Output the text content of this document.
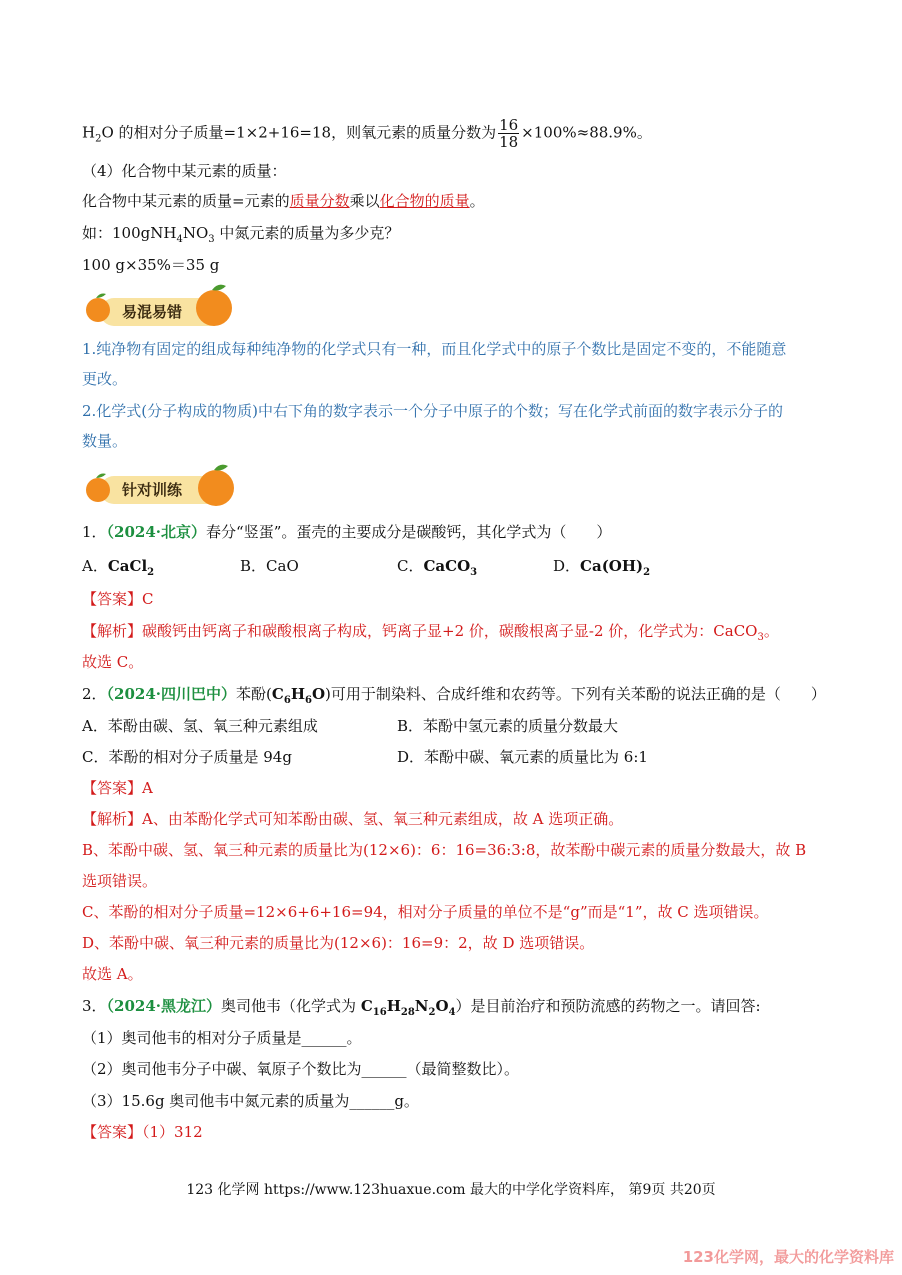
$H_2O$ 的相对分子质量=1×2+16=18，则氧元素的质量分数为 $\frac{16}{18} \times 100\%\approx 88.9\%$。
（4）化合物中某元素的质量：
化合物中某元素的质量=元素的质量分数乘以化合物的质量。
如：$100gNH_4NO_3$ 中氮元素的质量为多少克？
100 g×35%＝35 g
易混易错
1.纯净物有固定的组成每种纯净物的化学式只有一种，而且化学式中的原子个数比是固定不变的，不能随意
更改。
2.化学式(分子构成的物质)中右下角的数字表示一个分子中原子的个数；写在化学式前面的数字表示分子的
数量。
针对训练
1．（2024·北京）春分“竖蛋”。蛋壳的主要成分是碳酸钙，其化学式为（　　）
A．CaCl$_2$	B．CaO	C．CaCO$_3$	D．$Ca(OH)_2$
【答案】C
【解析】碳酸钙由钙离子和碳酸根离子构成，钙离子显+2 价，碳酸根离子显-2 价，化学式为：CaCO$_3$。
故选 C。
2．（2024·四川巴中）苯酚$(C_6H_6O)$可用于制染料、合成纤维和农药等。下列有关苯酚的说法正确的是（　　）
A．苯酚由碳、氢、氧三种元素组成	B．苯酚中氢元素的质量分数最大
C．苯酚的相对分子质量是 94g	D．苯酚中碳、氧元素的质量比为 6:1
【答案】A
【解析】A、由苯酚化学式可知苯酚由碳、氢、氧三种元素组成，故 A 选项正确。
B、苯酚中碳、氢、氧三种元素的质量比为(12×6)：6：16=36:3:8，故苯酚中碳元素的质量分数最大，故 B
选项错误。
C、苯酚的相对分子质量=12×6+6+16=94，相对分子质量的单位不是“g”而是“1”，故 C 选项错误。
D、苯酚中碳、氧三种元素的质量比为(12×6)：16=9：2，故 D 选项错误。
故选 A。
3．（2024·黑龙江）奥司他韦（化学式为 $C_{16}H_{28}N_2O_4$）是目前治疗和预防流感的药物之一。请回答:
（1）奥司他韦的相对分子质量是______。
（2）奥司他韦分子中碳、氧原子个数比为______（最简整数比）。
（3）15.6g 奥司他韦中氮元素的质量为______g。
【答案】（1）312
123 化学网 https://www.123huaxue.com 最大的中学化学资料库， 第9页 共20页
123化学网，最大的化学资料库
